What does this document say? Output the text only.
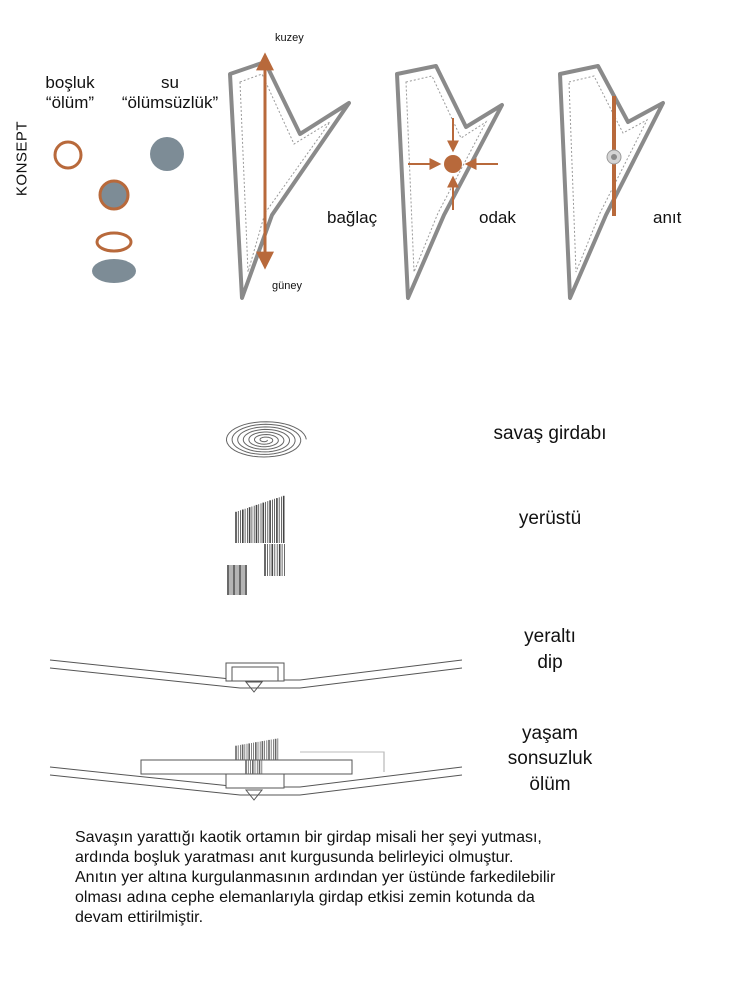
KONSEPT
boşluk
“ölüm”
su
“ölümsüzlük”
kuzey
güney
bağlaç	odak	anıt
savaş girdabı
yerüstü
yeraltı
dip
yaşam
sonsuzluk
ölüm
Savaşın yarattığı kaotik ortamın bir girdap misali her şeyi yutması,
ardında boşluk yaratması anıt kurgusunda belirleyici olmuştur.
Anıtın yer altına kurgulanmasının ardından yer üstünde farkedilebilir
olması adına cephe elemanlarıyla girdap etkisi zemin kotunda da
devam ettirilmiştir.
